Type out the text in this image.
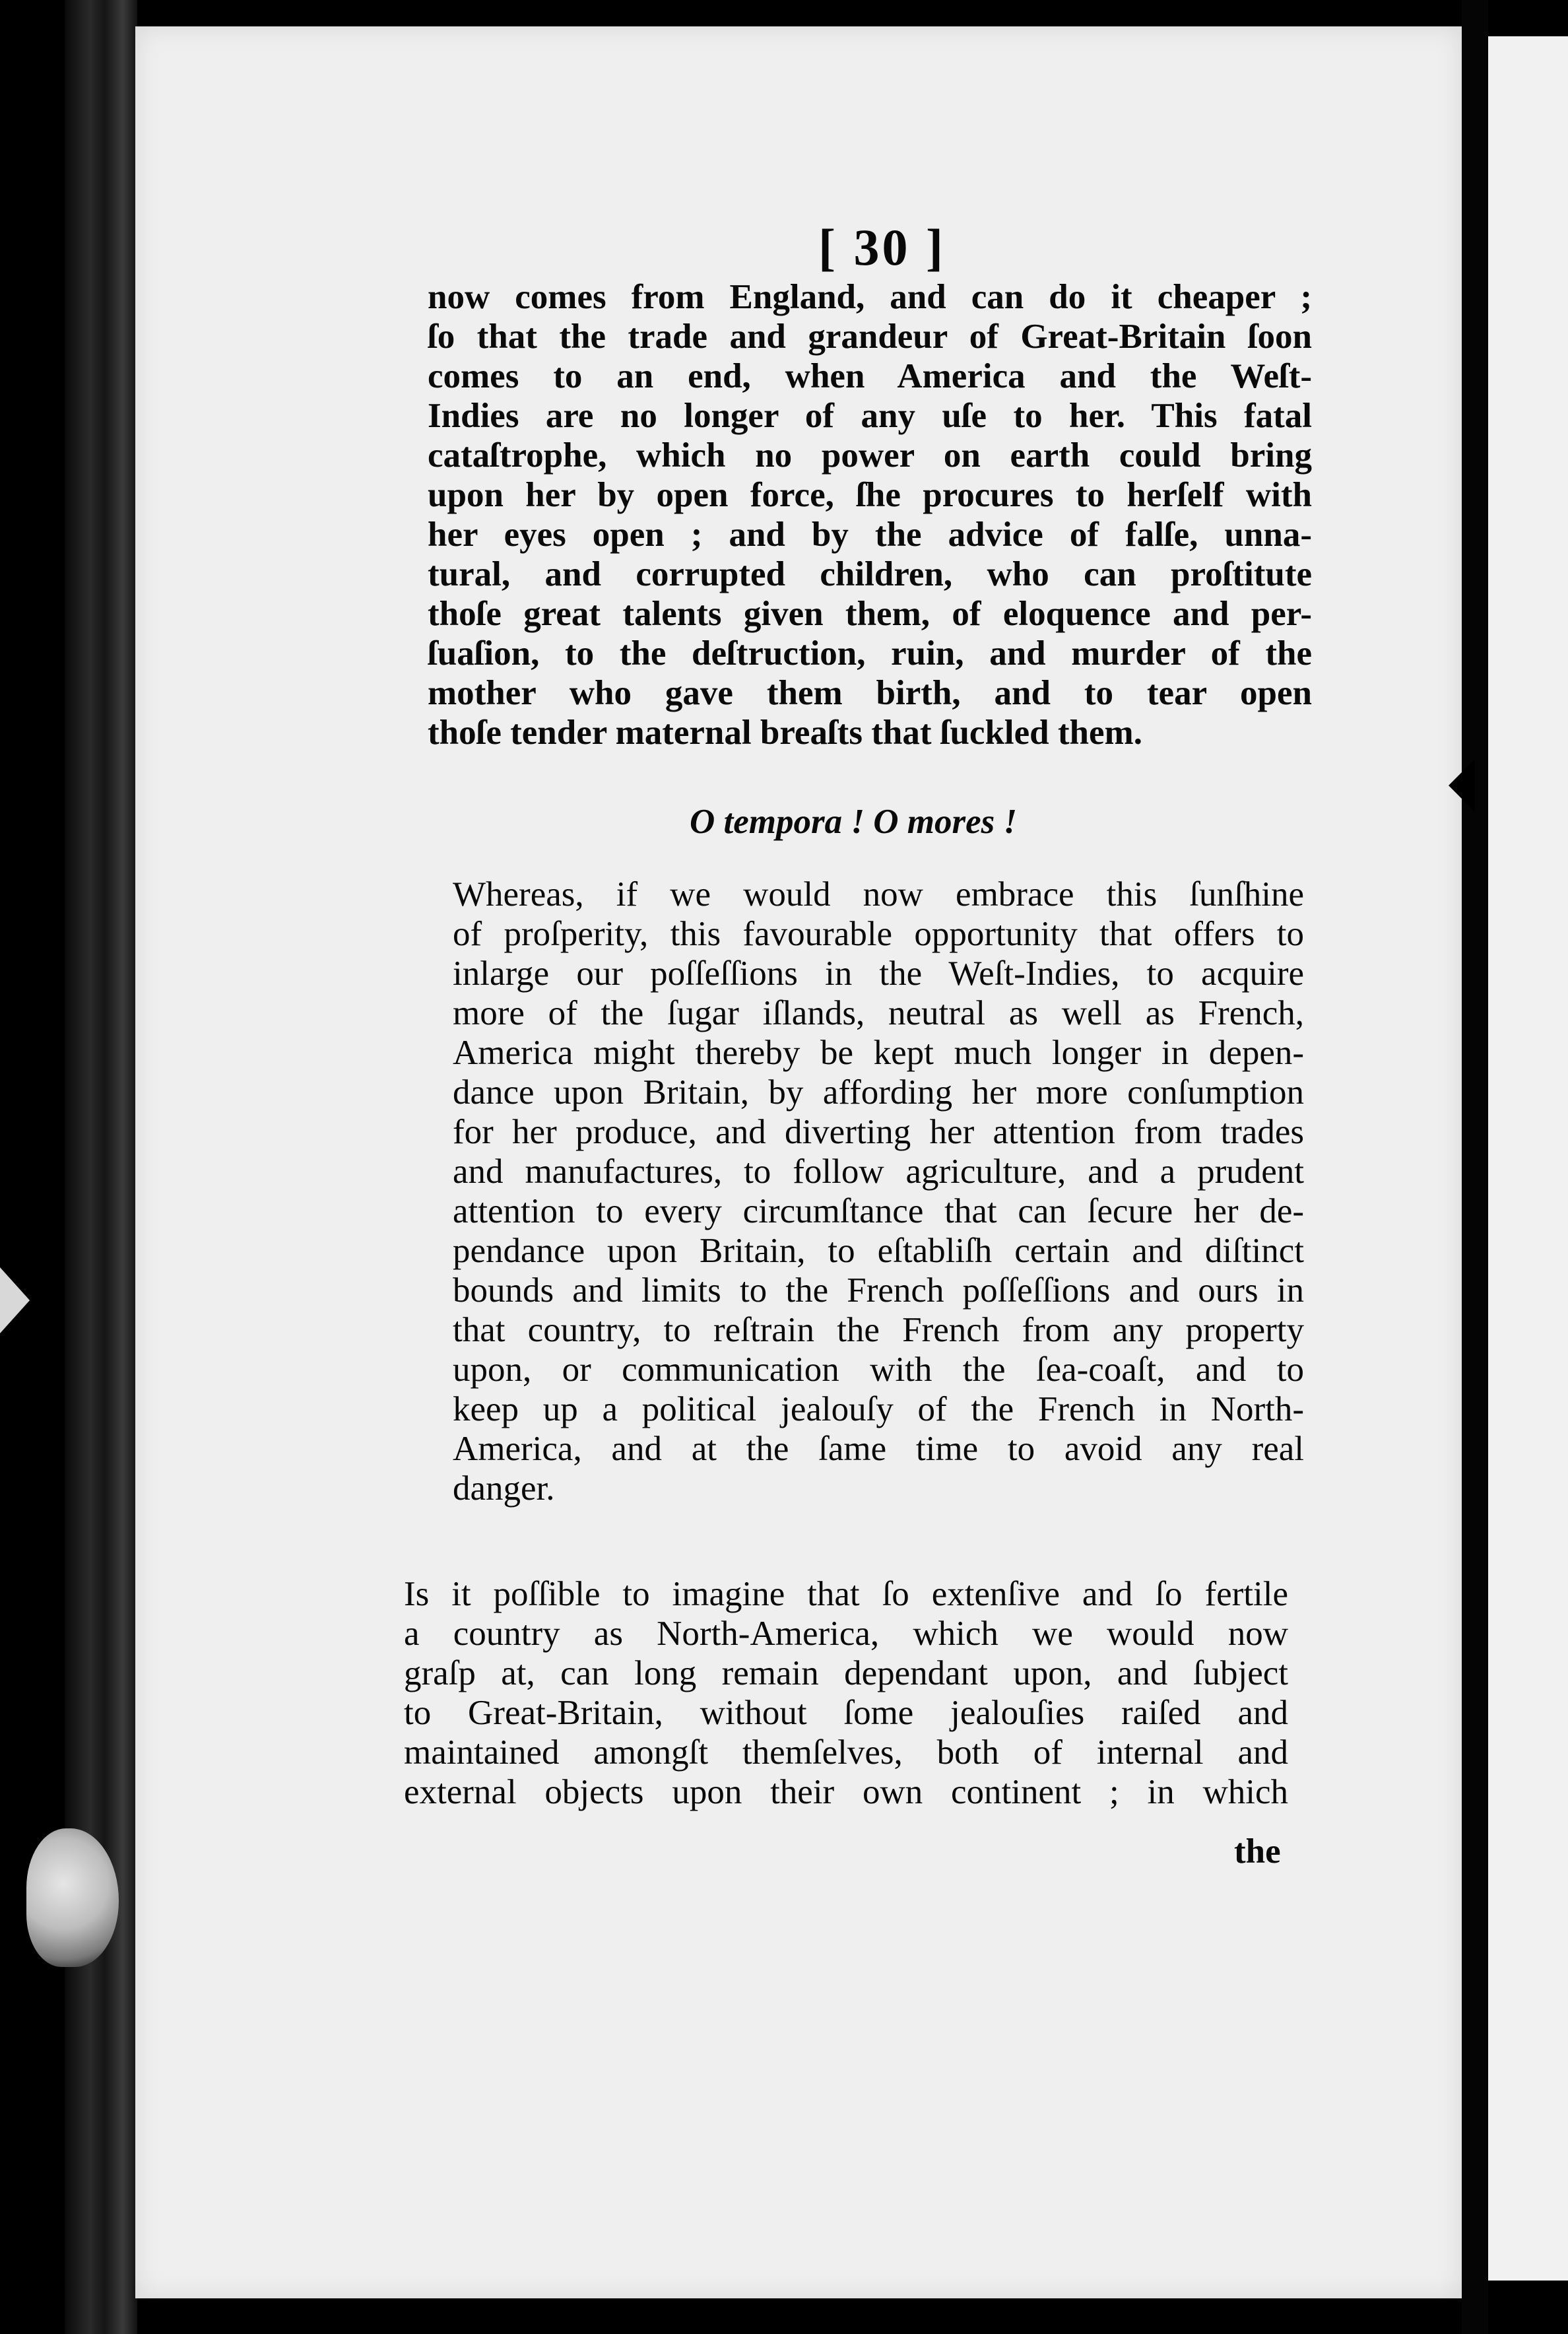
[ 30 ]
now comes from England, and can do it cheaper ;
ſo that the trade and grandeur of Great-Britain ſoon
comes to an end, when America and the Weſt-
Indies are no longer of any uſe to her. This fatal
cataſtrophe, which no power on earth could bring
upon her by open force, ſhe procures to herſelf with
her eyes open ; and by the advice of falſe, unna-
tural, and corrupted children, who can proſtitute
thoſe great talents given them, of eloquence and per-
ſuaſion, to the deſtruction, ruin, and murder of the
mother who gave them birth, and to tear open
thoſe tender maternal breaſts that ſuckled them.
O tempora ! O mores !
Whereas, if we would now embrace this ſunſhine
of proſperity, this favourable opportunity that offers to
inlarge our poſſeſſions in the Weſt-Indies, to acquire
more of the ſugar iſlands, neutral as well as French,
America might thereby be kept much longer in depen-
dance upon Britain, by affording her more conſumption
for her produce, and diverting her attention from trades
and manufactures, to follow agriculture, and a prudent
attention to every circumſtance that can ſecure her de-
pendance upon Britain, to eſtabliſh certain and diſtinct
bounds and limits to the French poſſeſſions and ours in
that country, to reſtrain the French from any property
upon, or communication with the ſea-coaſt, and to
keep up a political jealouſy of the French in North-
America, and at the ſame time to avoid any real
danger.
Is it poſſible to imagine that ſo extenſive and ſo fertile
a country as North-America, which we would now
graſp at, can long remain dependant upon, and ſubject
to Great-Britain, without ſome jealouſies raiſed and
maintained amongſt themſelves, both of internal and
external objects upon their own continent ; in which
the
